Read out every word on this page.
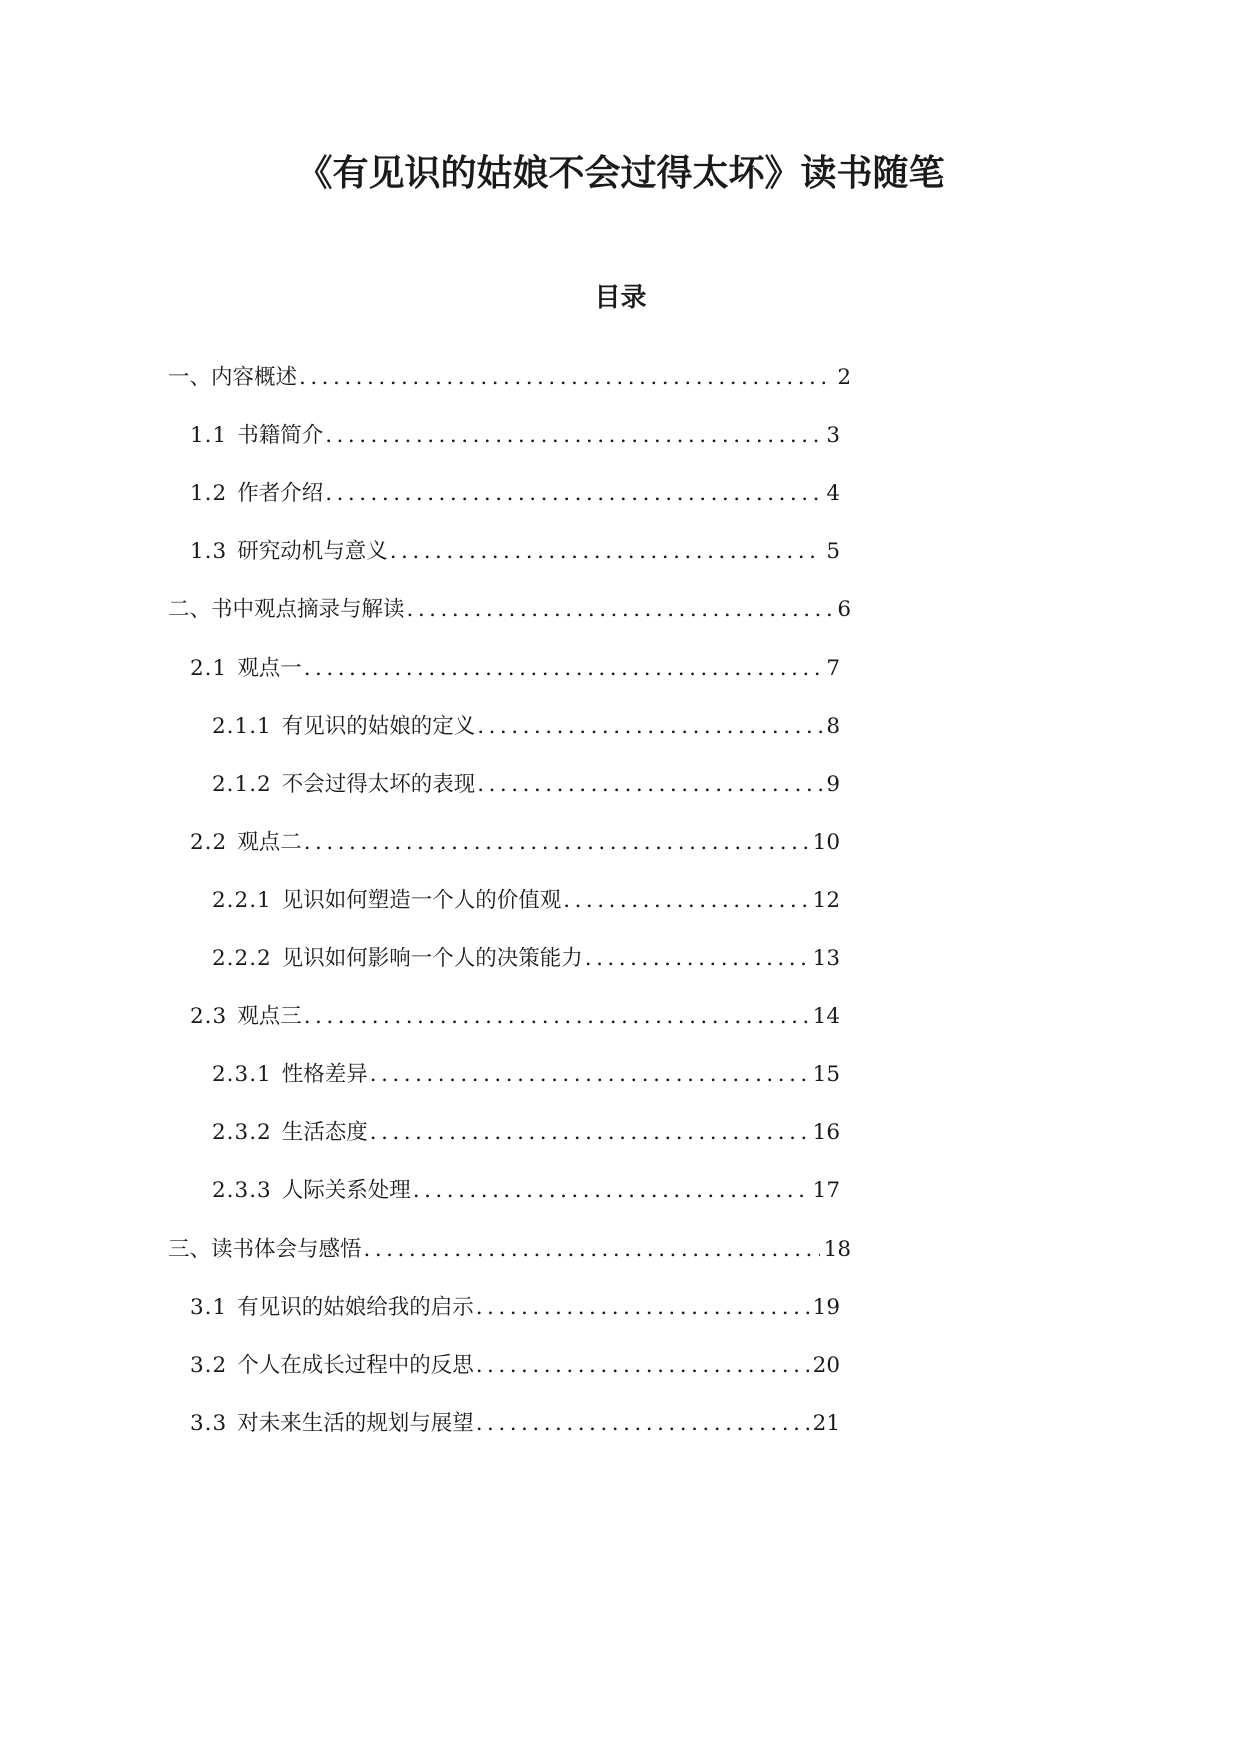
《有见识的姑娘不会过得太坏》读书随笔
目录
一、内容概述 .....	2
1.1 书籍简介 .....	3
1.2 作者介绍 .....	4
1.3 研究动机与意义 .....	5
二、书中观点摘录与解读 .....	6
2.1 观点一 .....	7
2.1.1 有见识的姑娘的定义 .....	8
2.1.2 不会过得太坏的表现 .....	9
2.2 观点二 .....	10
2.2.1 见识如何塑造一个人的价值观 .....	12
2.2.2 见识如何影响一个人的决策能力 .....	13
2.3 观点三 .....	14
2.3.1 性格差异 .....	15
2.3.2 生活态度 .....	16
2.3.3 人际关系处理 .....	17
三、读书体会与感悟 .....	18
3.1 有见识的姑娘给我的启示 .....	19
3.2 个人在成长过程中的反思 .....	20
3.3 对未来生活的规划与展望 .....	21
